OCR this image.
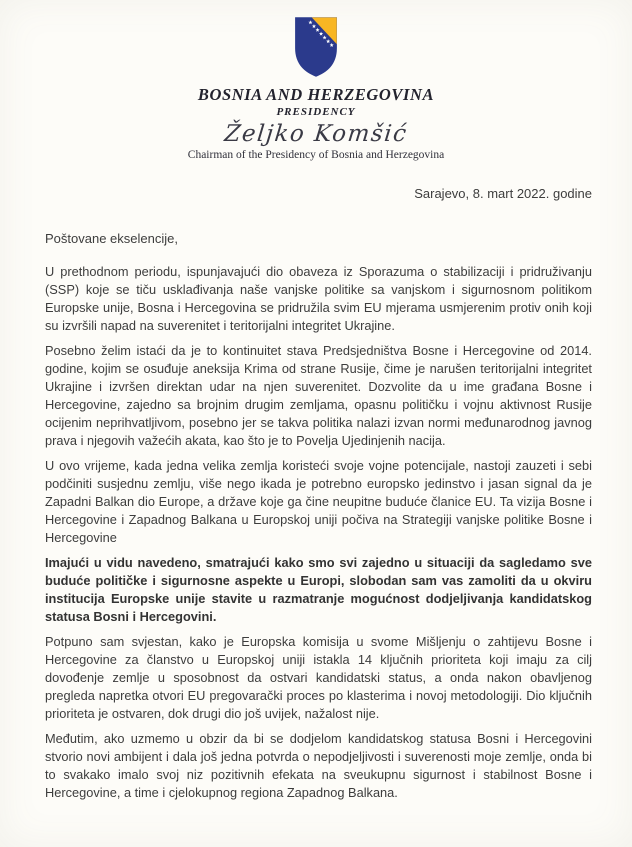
BOSNIA AND HERZEGOVINA
PRESIDENCY
Željko Komšić
Chairman of the Presidency of Bosnia and Herzegovina
Sarajevo, 8. mart 2022. godine
Poštovane ekselencije,

U prethodnom periodu, ispunjavajući dio obaveza iz Sporazuma o stabilizaciji i pridruživanju (SSP) koje se tiču usklađivanja naše vanjske politike sa vanjskom i sigurnosnom politikom Europske unije, Bosna i Hercegovina se pridružila svim EU mjerama usmjerenim protiv onih koji su izvršili napad na suverenitet i teritorijalni integritet Ukrajine.

Posebno želim istaći da je to kontinuitet stava Predsjedništva Bosne i Hercegovine od 2014. godine, kojim se osuđuje aneksija Krima od strane Rusije, čime je narušen teritorijalni integritet Ukrajine i izvršen direktan udar na njen suverenitet. Dozvolite da u ime građana Bosne i Hercegovine, zajedno sa brojnim drugim zemljama, opasnu političku i vojnu aktivnost Rusije ocijenim neprihvatljivom, posebno jer se takva politika nalazi izvan normi međunarodnog javnog prava i njegovih važećih akata, kao što je to Povelja Ujedinjenih nacija.

U ovo vrijeme, kada jedna velika zemlja koristeći svoje vojne potencijale, nastoji zauzeti i sebi podčiniti susjednu zemlju, više nego ikada je potrebno europsko jedinstvo i jasan signal da je Zapadni Balkan dio Europe, a države koje ga čine neupitne buduće članice EU. Ta vizija Bosne i Hercegovine i Zapadnog Balkana u Europskoj uniji počiva na Strategiji vanjske politike Bosne i Hercegovine

Imajući u vidu navedeno, smatrajući kako smo svi zajedno u situaciji da sagledamo sve buduće političke i sigurnosne aspekte u Europi, slobodan sam vas zamoliti da u okviru institucija Europske unije stavite u razmatranje mogućnost dodjeljivanja kandidatskog statusa Bosni i Hercegovini.

Potpuno sam svjestan, kako je Europska komisija u svome Mišljenju o zahtijevu Bosne i Hercegovine za članstvo u Europskoj uniji istakla 14 ključnih prioriteta koji imaju za cilj dovođenje zemlje u sposobnost da ostvari kandidatski status, a onda nakon obavljenog pregleda napretka otvori EU pregovarački proces po klasterima i novoj metodologiji. Dio ključnih prioriteta je ostvaren, dok drugi dio još uvijek, nažalost nije.

Međutim, ako uzmemo u obzir da bi se dodjelom kandidatskog statusa Bosni i Hercegovini stvorio novi ambijent i dala još jedna potvrda o nepodjeljivosti i suverenosti moje zemlje, onda bi to svakako imalo svoj niz pozitivnih efekata na sveukupnu sigurnost i stabilnost Bosne i Hercegovine, a time i cjelokupnog regiona Zapadnog Balkana.
